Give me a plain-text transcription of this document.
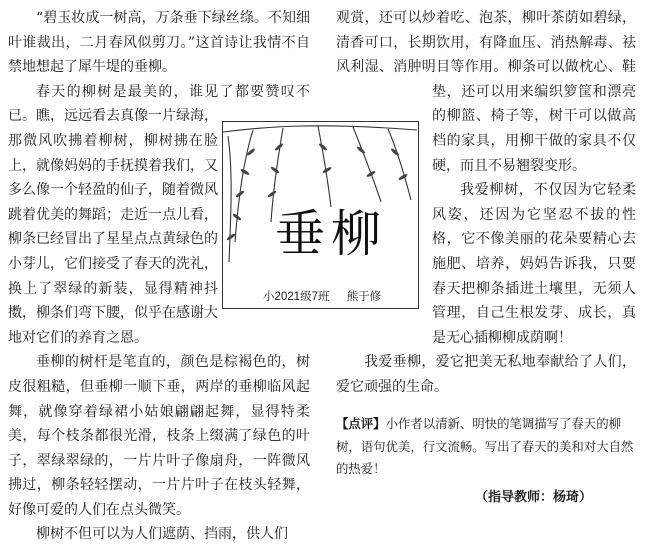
“碧玉妆成一树高，万条垂下绿丝绦。不知细叶谁裁出，二月春风似剪刀。”这首诗让我情不自禁地想起了犀牛堤的垂柳。

春天的柳树是最美的，谁见了都要赞叹不已。瞧，远远看去真像一片绿海，那微风吹拂着柳树，柳树拂在脸上，就像妈妈的手抚摸着我们，又多么像一个轻盈的仙子，随着微风跳着优美的舞蹈；走近一点儿看，柳条已经冒出了星星点点黄绿色的小芽儿，它们接受了春天的洗礼，换上了翠绿的新装，显得精神抖擞，柳条们弯下腰，似乎在感谢大地对它们的养育之恩。

垂柳的树杆是笔直的，颜色是棕褐色的，树皮很粗糙，但垂柳一顺下垂，两岸的垂柳临风起舞，就像穿着绿裙小姑娘翩翩起舞，显得特柔美，每个枝条都很光滑，枝条上缀满了绿色的叶子，翠绿翠绿的，一片片叶子像扇舟，一阵微风拂过，柳条轻轻摆动，一片片叶子在枝头轻舞，好像可爱的人们在点头微笑。

柳树不但可以为人们遮荫、挡雨，供人们

观赏，还可以炒着吃、泡茶，柳叶茶荫如碧绿，清香可口，长期饮用，有降血压、消热解毒、祛风利湿、消肿明目等作用。柳条可以做枕心、鞋垫，还可以用来编织箩筐和漂亮的柳篮、椅子等，树干可以做高档的家具，用柳干做的家具不仅硬，而且不易翘裂变形。

我爱柳树，不仅因为它轻柔风姿，还因为它坚忍不拔的性格，它不像美丽的花朵要精心去施肥、培养，妈妈告诉我，只要春天把柳条插进土壤里，无须人管理，自己生根发芽、成长，真是无心插柳柳成荫啊！

我爱垂柳，爱它把美无私地奉献给了人们，爱它顽强的生命。

垂柳
小2021级7班 熊于修
【点评】小作者以清新、明快的笔调描写了春天的柳树，语句优美，行文流畅。写出了春天的美和对大自然的热爱！
（指导教师：杨琦）
